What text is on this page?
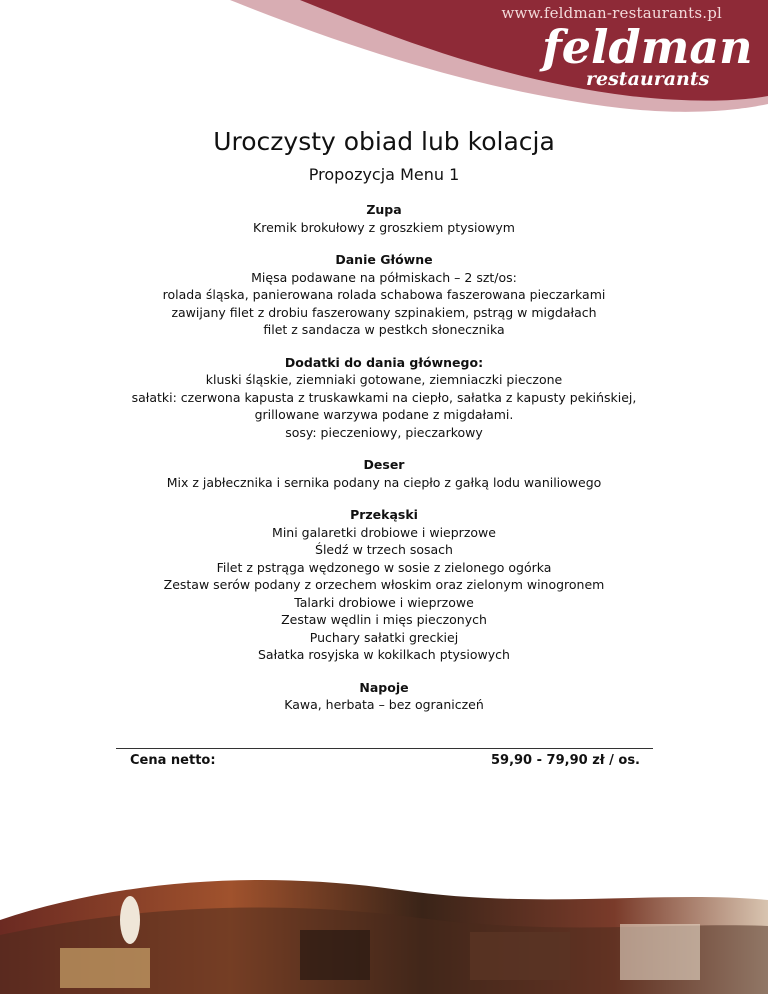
www.feldman-restaurants.pl
feldman
restaurants
Uroczysty obiad lub kolacja
Propozycja Menu 1
Zupa
Kremik brokułowy z groszkiem ptysiowym
Danie Główne
Mięsa podawane na półmiskach – 2 szt/os:
rolada śląska, panierowana rolada schabowa faszerowana pieczarkami
zawijany filet z drobiu faszerowany szpinakiem, pstrąg w migdałach
filet z sandacza w pestkch słonecznika
Dodatki do dania głównego:
kluski śląskie, ziemniaki gotowane, ziemniaczki pieczone
sałatki: czerwona kapusta z truskawkami na ciepło, sałatka z kapusty pekińskiej,
grillowane warzywa podane z migdałami.
sosy: pieczeniowy, pieczarkowy
Deser
Mix z jabłecznika i sernika podany na ciepło z gałką lodu waniliowego
Przekąski
Mini galaretki drobiowe i wieprzowe
Śledź w trzech sosach
Filet z pstrąga wędzonego w sosie z zielonego ogórka
Zestaw serów podany z orzechem włoskim oraz zielonym winogronem
Talarki drobiowe i wieprzowe
Zestaw wędlin i mięs pieczonych
Puchary sałatki greckiej
Sałatka rosyjska w kokilkach ptysiowych
Napoje
Kawa, herbata – bez ograniczeń
Cena netto:	59,90 - 79,90 zł / os.
